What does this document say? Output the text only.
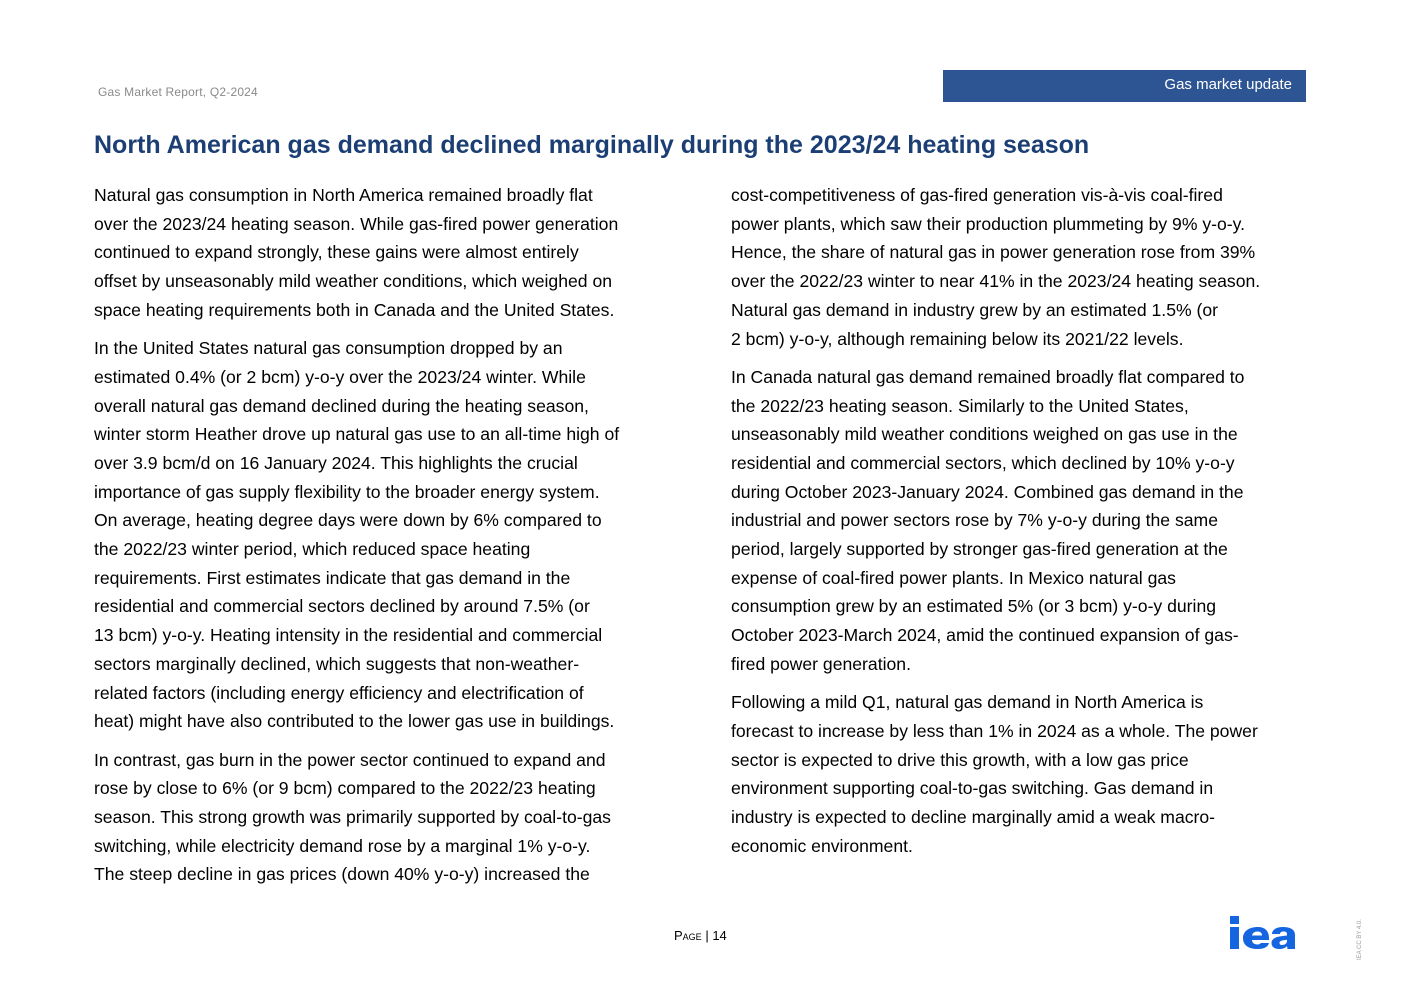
Gas Market Report, Q2-2024	Gas market update
North American gas demand declined marginally during the 2023/24 heating season

Natural gas consumption in North America remained broadly flat
over the 2023/24 heating season. While gas-fired power generation
continued to expand strongly, these gains were almost entirely
offset by unseasonably mild weather conditions, which weighed on
space heating requirements both in Canada and the United States.

In the United States natural gas consumption dropped by an
estimated 0.4% (or 2 bcm) y-o-y over the 2023/24 winter. While
overall natural gas demand declined during the heating season,
winter storm Heather drove up natural gas use to an all-time high of
over 3.9 bcm/d on 16 January 2024. This highlights the crucial
importance of gas supply flexibility to the broader energy system.
On average, heating degree days were down by 6% compared to
the 2022/23 winter period, which reduced space heating
requirements. First estimates indicate that gas demand in the
residential and commercial sectors declined by around 7.5% (or
13 bcm) y-o-y. Heating intensity in the residential and commercial
sectors marginally declined, which suggests that non-weather-
related factors (including energy efficiency and electrification of
heat) might have also contributed to the lower gas use in buildings.

In contrast, gas burn in the power sector continued to expand and
rose by close to 6% (or 9 bcm) compared to the 2022/23 heating
season. This strong growth was primarily supported by coal-to-gas
switching, while electricity demand rose by a marginal 1% y-o-y.
The steep decline in gas prices (down 40% y-o-y) increased the

cost-competitiveness of gas-fired generation vis-à-vis coal-fired
power plants, which saw their production plummeting by 9% y-o-y.
Hence, the share of natural gas in power generation rose from 39%
over the 2022/23 winter to near 41% in the 2023/24 heating season.
Natural gas demand in industry grew by an estimated 1.5% (or
2 bcm) y-o-y, although remaining below its 2021/22 levels.

In Canada natural gas demand remained broadly flat compared to
the 2022/23 heating season. Similarly to the United States,
unseasonably mild weather conditions weighed on gas use in the
residential and commercial sectors, which declined by 10% y-o-y
during October 2023-January 2024. Combined gas demand in the
industrial and power sectors rose by 7% y-o-y during the same
period, largely supported by stronger gas-fired generation at the
expense of coal-fired power plants. In Mexico natural gas
consumption grew by an estimated 5% (or 3 bcm) y-o-y during
October 2023-March 2024, amid the continued expansion of gas-
fired power generation.

Following a mild Q1, natural gas demand in North America is
forecast to increase by less than 1% in 2024 as a whole. The power
sector is expected to drive this growth, with a low gas price
environment supporting coal-to-gas switching. Gas demand in
industry is expected to decline marginally amid a weak macro-
economic environment.

Page | 14	IEA CC BY 4.0.
